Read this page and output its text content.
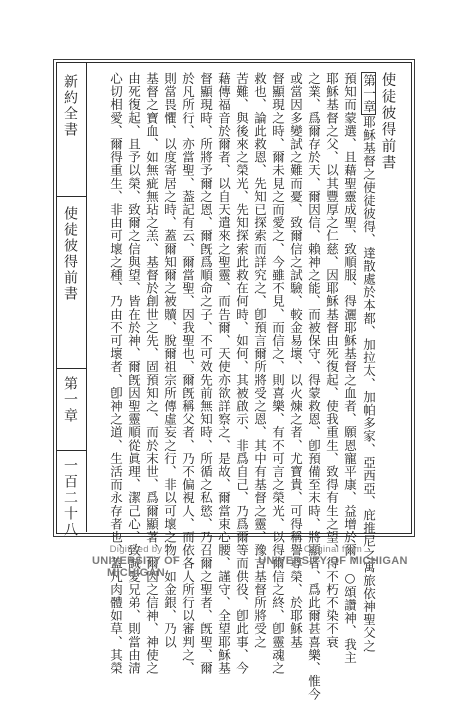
新約全書
使徒彼得前書
第一章
一百二十八
使徒彼得前書
第一章耶穌基督之使徒彼得、達散處於本都、加拉太、加帕多家、亞西亞、庇推尼之寓旅依神聖父之
預知而蒙選、且藉聖靈成聖、致順服、得灑耶穌基督之血者、願恩寵平康、益增於爾、○頌讚神、我主
耶穌基督之父、以其豐厚之仁慈、因耶穌基督由死復起、使我重生、致得有生之望、得不朽不染不衰
之業、爲爾存於天、爾因信、賴神之能、而被保守、得蒙救恩、卽預備至末時、將顯者、爲此爾甚喜樂、惟今
或當因多變試之難而憂、致爾信之試驗、較金易壞、以火煉之者、尤寶貴、可得稱譽尊榮、於耶穌基
督顯現之時、爾未見之而愛之、今雖不見、而信之、則喜樂、有不可言之榮光、以得爾信之終、卽靈魂之
救也、論此救恩、先知已探索而詳究之、卽預言爾所將受之恩、其中有基督之靈、豫言基督所將受之
苦難、與後來之榮光、先知探索此救在何時、如何、其被啟示、非爲自己、乃爲爾等而供役、卽此事、今
藉傳福音於爾者、以自天遣來之聖靈、而告爾、天使亦欲詳察之、是故、爾當束心腰、謹守、全望耶穌基
督顯現時、所將予爾之恩、爾旣爲順命之子、不可效先前無知時、所循之私慾、乃召爾之聖者、旣聖、爾
於凡所行、亦當聖、葢記有云、爾當聖、因我聖也、爾旣稱父者、乃不偏視人、而依各人所行以審判之、
則當畏懼、以度寄居之時、蓋爾知爾之被贖、脫爾祖宗所傳虛妄之行、非以可壞之物、如金銀、乃以
基督之寶血、如無疵無玷之羔、基督於創世之先、固預知之、而於末世、爲爾顯著、爾因之信神、神使之
由死復起、且予以榮、致爾之信與望、皆在於神、爾旣因聖靈順從眞理、潔己心、致誠愛兄弟、則當由淸
心切相愛、爾得重生、非由可壞之種、乃由不可壞者、卽神之道、生活而永存者也、蓋凡肉體如草、其榮
Digitized by
UNIVERSITY OF MICHIGAN
Original from
UNIVERSITY OF MICHIGAN
